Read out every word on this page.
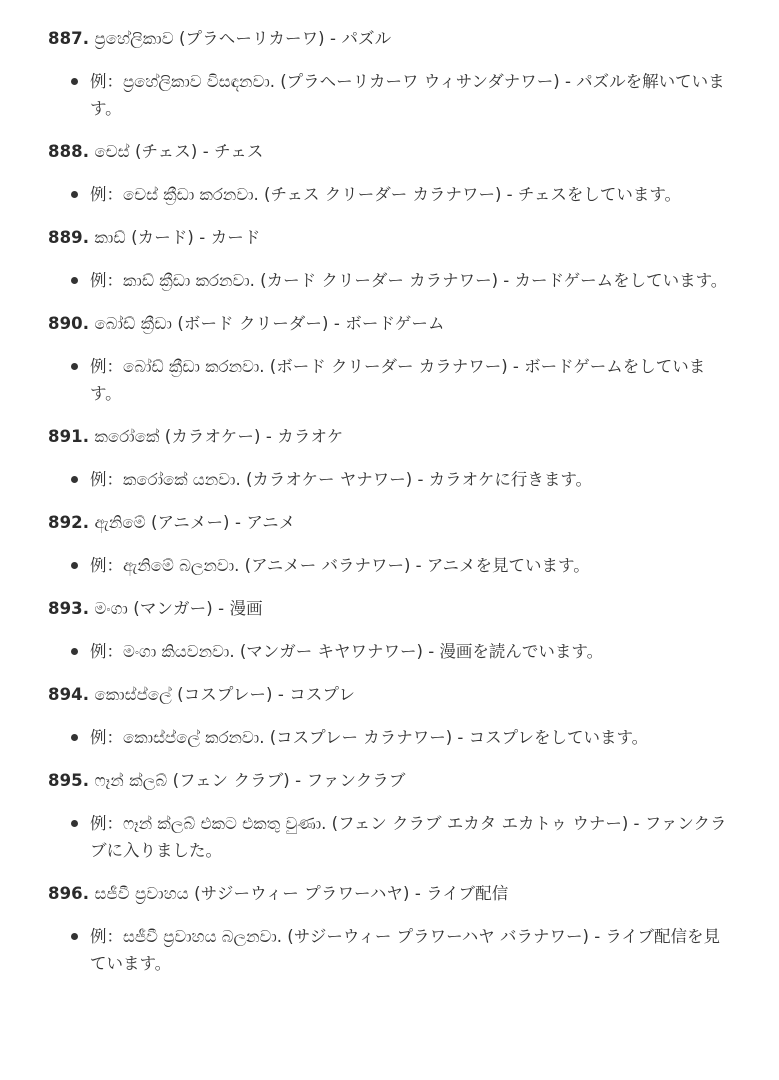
887. ප්‍රහේලිකාව (プラヘーリカーワ) - パズル
例：ප්‍රහේලිකාව විසඳනවා. (プラヘーリカーワ ウィサンダナワー) - パズルを解いています。
888. චෙස් (チェス) - チェス
例：චෙස් ක්‍රීඩා කරනවා. (チェス クリーダー カラナワー) - チェスをしています。
889. කාඩ් (カード) - カード
例：කාඩ් ක්‍රීඩා කරනවා. (カード クリーダー カラナワー) - カードゲームをしています。
890. බෝඩ් ක්‍රීඩා (ボード クリーダー) - ボードゲーム
例：බෝඩ් ක්‍රීඩා කරනවා. (ボード クリーダー カラナワー) - ボードゲームをしています。
891. කරෝකේ (カラオケー) - カラオケ
例：කරෝකේ යනවා. (カラオケー ヤナワー) - カラオケに行きます。
892. ඇනිමේ (アニメー) - アニメ
例：ඇනිමේ බලනවා. (アニメー バラナワー) - アニメを見ています。
893. මංගා (マンガー) - 漫画
例：මංගා කියවනවා. (マンガー キヤワナワー) - 漫画を読んでいます。
894. කොස්ප්ලේ (コスプレー) - コスプレ
例：කොස්ප්ලේ කරනවා. (コスプレー カラナワー) - コスプレをしています。
895. ෆෑන් ක්ලබ් (フェン クラブ) - ファンクラブ
例：ෆෑන් ක්ලබ් එකට එකතු වුණා. (フェン クラブ エカタ エカトゥ ウナー) - ファンクラブに入りました。
896. සජීවී ප්‍රවාහය (サジーウィー プラワーハヤ) - ライブ配信
例：සජීවී ප්‍රවාහය බලනවා. (サジーウィー プラワーハヤ バラナワー) - ライブ配信を見ています。
